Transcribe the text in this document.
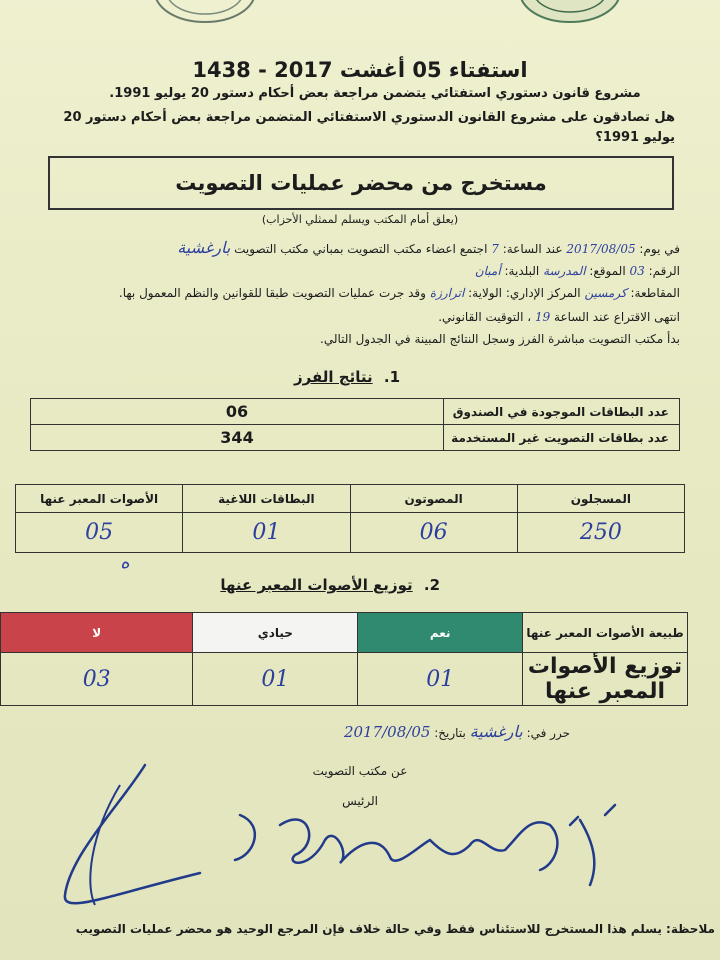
استفتاء 05 أغشت 2017 - 1438
مشروع قانون دستوري استفتائي يتضمن مراجعة بعض أحكام دستور 20 يوليو 1991.
هل تصادقون على مشروع القانون الدستوري الاستفتائي المتضمن مراجعة بعض أحكام دستور 20 يوليو 1991؟
مستخرج من محضر عمليات التصويت
(يعلق أمام المكتب ويسلم لممثلي الأحزاب)
في يوم: 2017/08/05 عند الساعة: 7 اجتمع اعضاء مكتب التصويت بمباني مكتب التصويت بارغشية
الرقم: 03 الموقع: المدرسة البلدية: أمبان
المقاطعة: كرمسين المركز الإداري: الولاية: اترارزة وقد جرت عمليات التصويت طبقا للقوانين والنظم المعمول بها.
انتهى الاقتراع عند الساعة 19 ، التوقيت القانوني.
بدأ مكتب التصويت مباشرة الفرز وسجل النتائج المبينة في الجدول التالي.
1. نتائج الفرز
06	عدد البطاقات الموجودة في الصندوق
344	عدد بطاقات التصويت غير المستخدمة
المسجلون	المصوتون	البطاقات اللاغية	الأصوات المعبر عنها
250	06	01	05
ه
2. توزيع الأصوات المعبر عنها
طبيعة الأصوات المعبر عنها	نعم	حيادي	لا
توزيع الأصوات المعبر عنها	01	01	03
حرر في: بارغشية بتاريخ: 2017/08/05
عن مكتب التصويت
الرئيس
ملاحظة: يسلم هذا المستخرج للاستئناس فقط وفي حالة خلاف فإن المرجع الوحيد هو محضر عمليات التصويب
